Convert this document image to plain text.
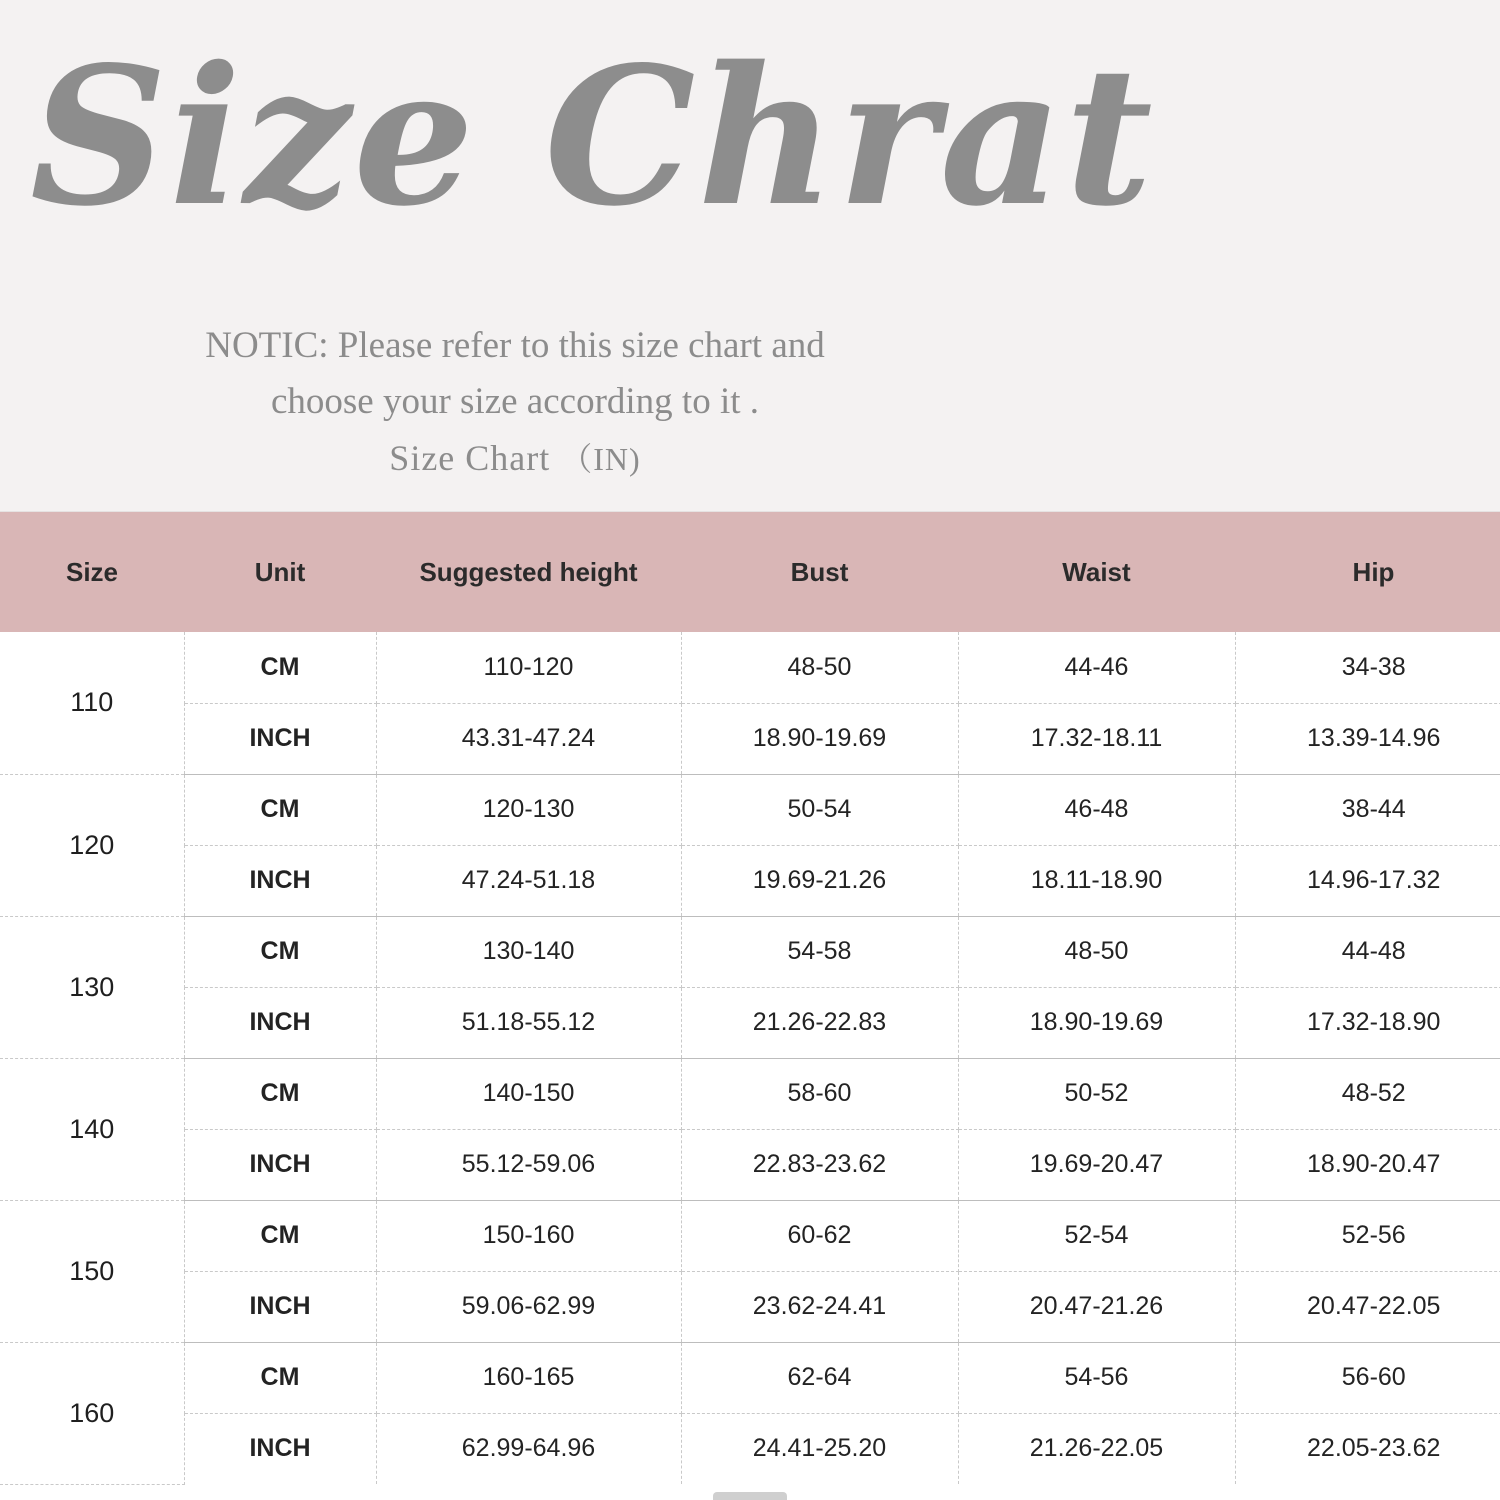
Size Chrat
NOTIC: Please refer to this size chart and
choose your size according to it .
Size Chart （IN)
Size	Unit	Suggested height	Bust	Waist	Hip
110	CM	110-120	48-50	44-46	34-38
	INCH	43.31-47.24	18.90-19.69	17.32-18.11	13.39-14.96
120	CM	120-130	50-54	46-48	38-44
	INCH	47.24-51.18	19.69-21.26	18.11-18.90	14.96-17.32
130	CM	130-140	54-58	48-50	44-48
	INCH	51.18-55.12	21.26-22.83	18.90-19.69	17.32-18.90
140	CM	140-150	58-60	50-52	48-52
	INCH	55.12-59.06	22.83-23.62	19.69-20.47	18.90-20.47
150	CM	150-160	60-62	52-54	52-56
	INCH	59.06-62.99	23.62-24.41	20.47-21.26	20.47-22.05
160	CM	160-165	62-64	54-56	56-60
	INCH	62.99-64.96	24.41-25.20	21.26-22.05	22.05-23.62
